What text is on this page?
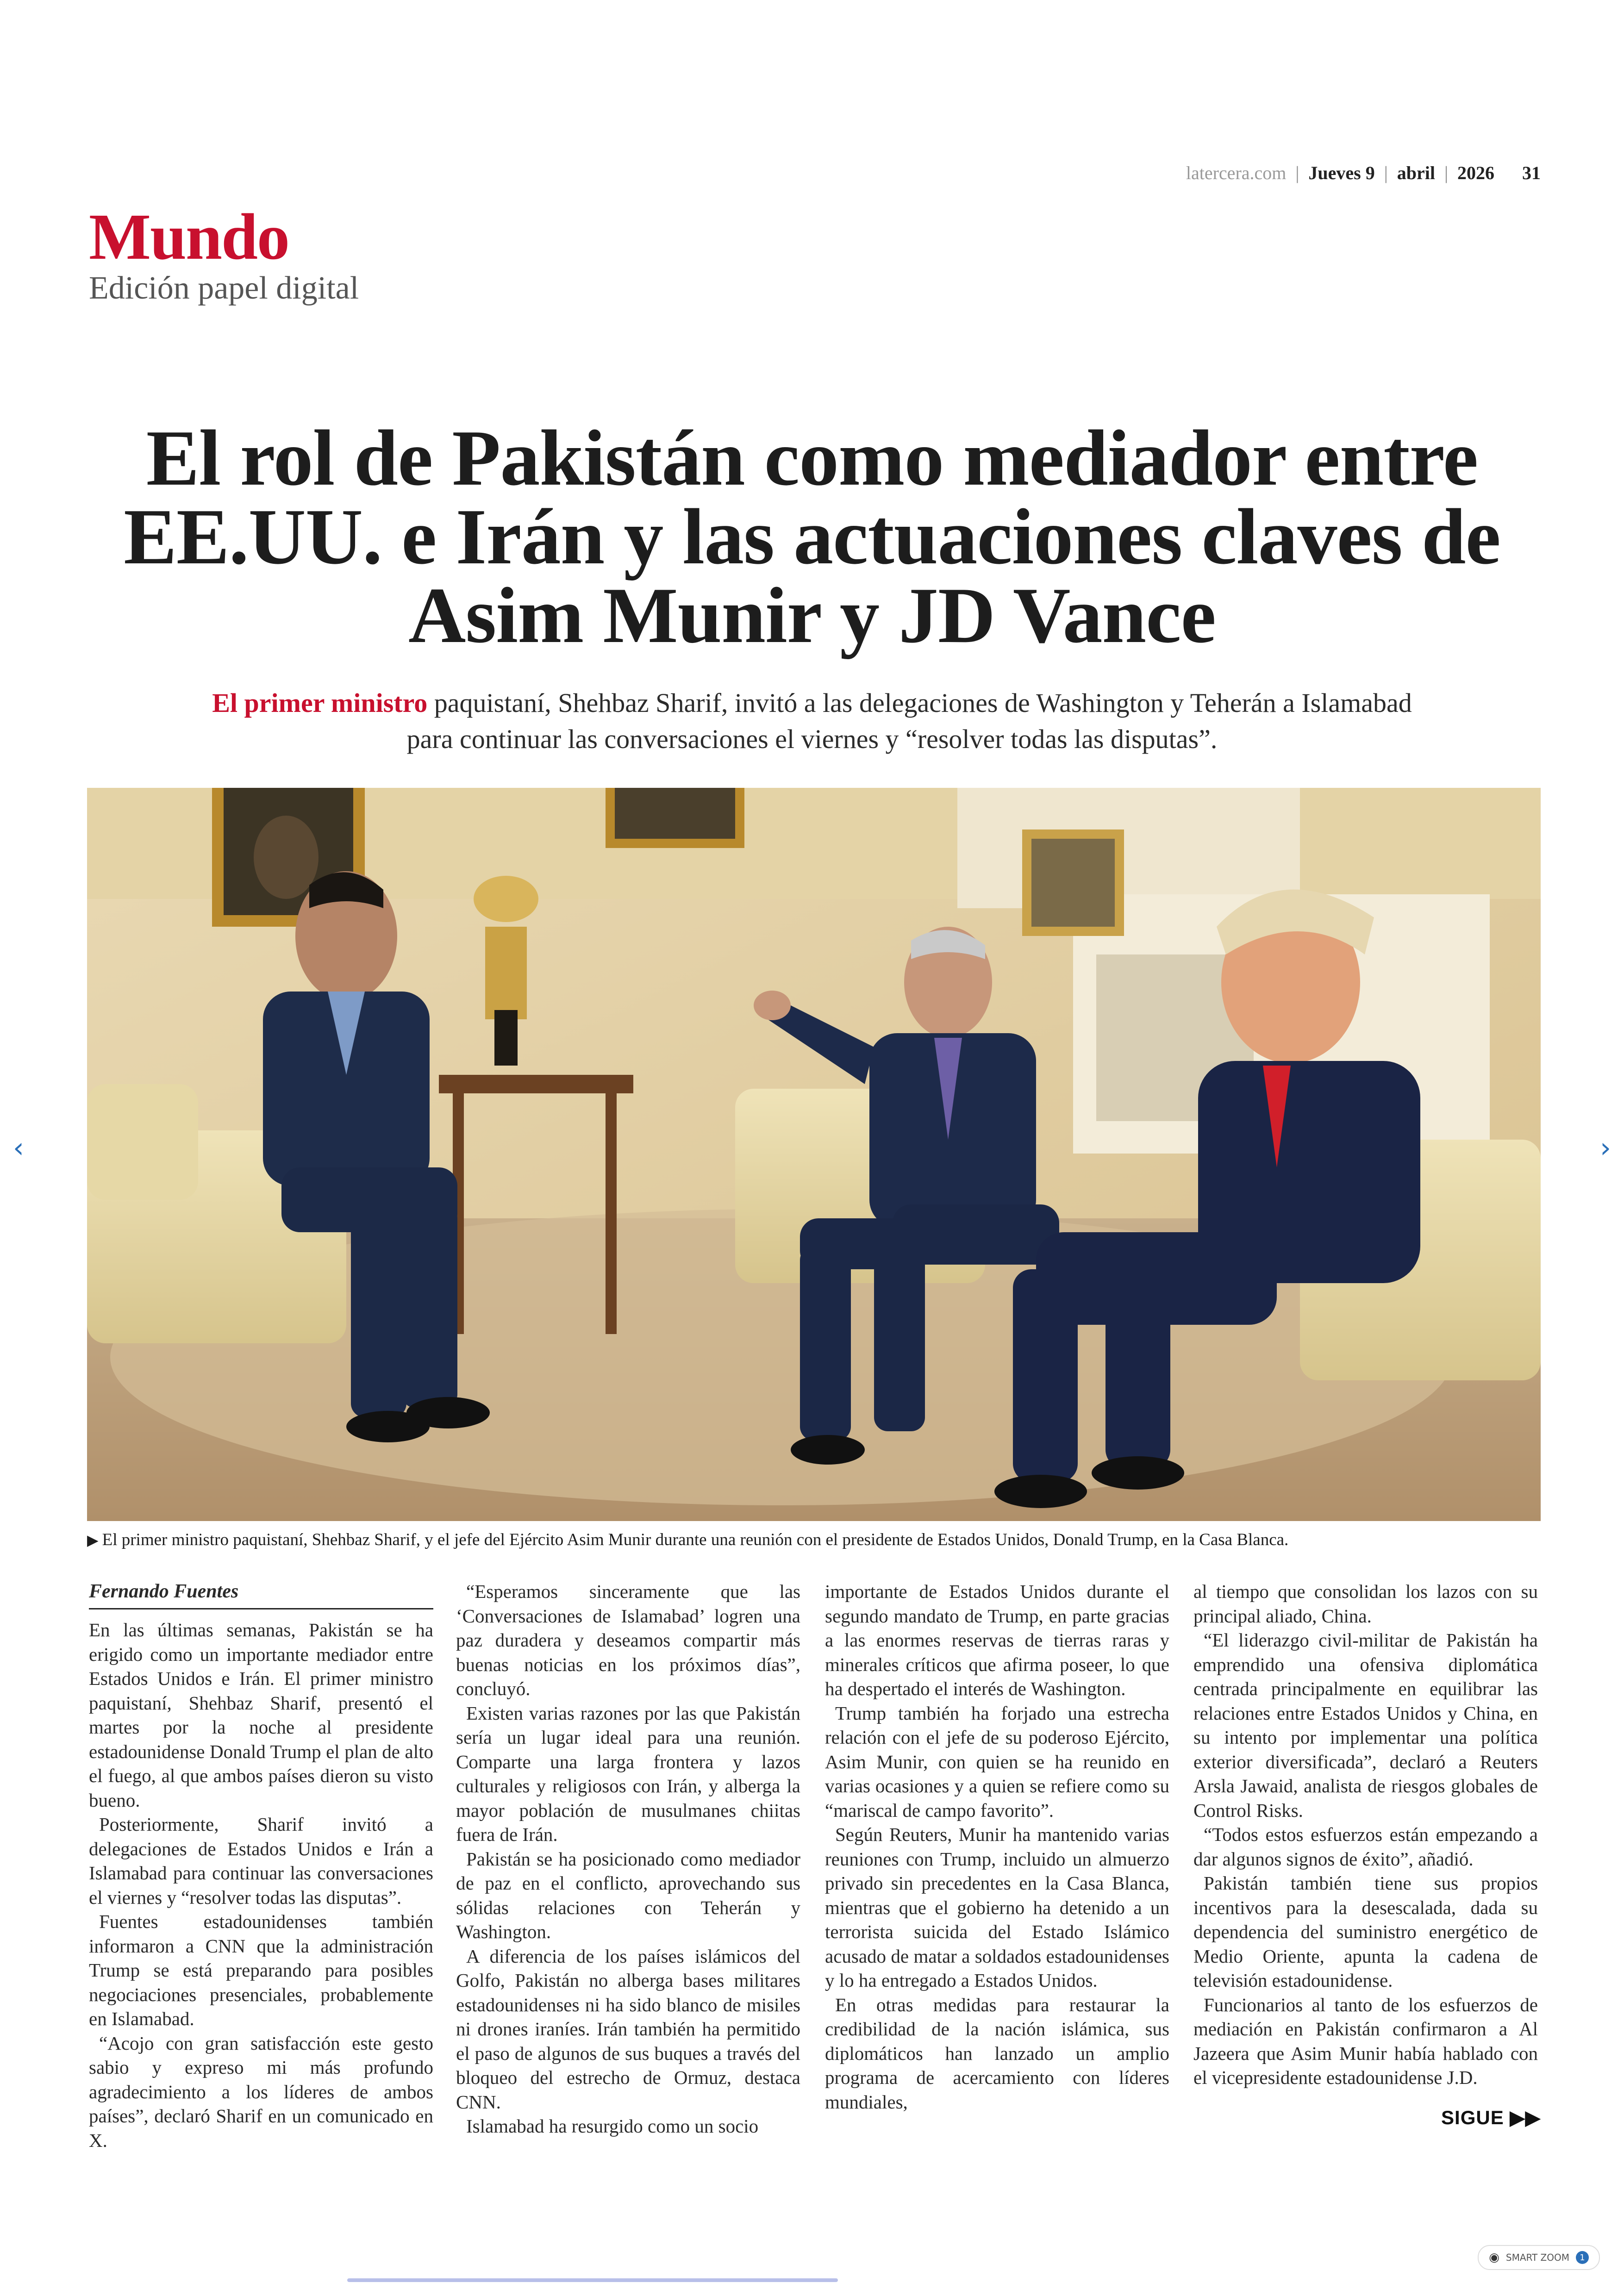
latercera.com | Jueves 9 | abril | 2026 31
Mundo
Edición papel digital
El rol de Pakistán como mediador entre EE.UU. e Irán y las actuaciones claves de Asim Munir y JD Vance

El primer ministro paquistaní, Shehbaz Sharif, invitó a las delegaciones de Washington y Teherán a Islamabad para continuar las conversaciones el viernes y “resolver todas las disputas”.

▶ El primer ministro paquistaní, Shehbaz Sharif, y el jefe del Ejército Asim Munir durante una reunión con el presidente de Estados Unidos, Donald Trump, en la Casa Blanca.

‹	›
Fernando Fuentes

En las últimas semanas, Pakistán se ha erigido como un importante mediador entre Estados Unidos e Irán. El primer ministro paquistaní, Shehbaz Sharif, presentó el martes por la noche al presidente estadounidense Donald Trump el plan de alto el fuego, al que ambos países dieron su visto bueno.

Posteriormente, Sharif invitó a delegaciones de Estados Unidos e Irán a Islamabad para continuar las conversaciones el viernes y “resolver todas las disputas”.

Fuentes estadounidenses también informaron a CNN que la administración Trump se está preparando para posibles negociaciones presenciales, probablemente en Islamabad.

“Acojo con gran satisfacción este gesto sabio y expreso mi más profundo agradecimiento a los líderes de ambos países”, declaró Sharif en un comunicado en X.

“Esperamos sinceramente que las ‘Conversaciones de Islamabad’ logren una paz duradera y deseamos compartir más buenas noticias en los próximos días”, concluyó.

Existen varias razones por las que Pakistán sería un lugar ideal para una reunión. Comparte una larga frontera y lazos culturales y religiosos con Irán, y alberga la mayor población de musulmanes chiitas fuera de Irán.

Pakistán se ha posicionado como mediador de paz en el conflicto, aprovechando sus sólidas relaciones con Teherán y Washington.

A diferencia de los países islámicos del Golfo, Pakistán no alberga bases militares estadounidenses ni ha sido blanco de misiles ni drones iraníes. Irán también ha permitido el paso de algunos de sus buques a través del bloqueo del estrecho de Ormuz, destaca CNN.

Islamabad ha resurgido como un socio

importante de Estados Unidos durante el segundo mandato de Trump, en parte gracias a las enormes reservas de tierras raras y minerales críticos que afirma poseer, lo que ha despertado el interés de Washington.

Trump también ha forjado una estrecha relación con el jefe de su poderoso Ejército, Asim Munir, con quien se ha reunido en varias ocasiones y a quien se refiere como su “mariscal de campo favorito”.

Según Reuters, Munir ha mantenido varias reuniones con Trump, incluido un almuerzo privado sin precedentes en la Casa Blanca, mientras que el gobierno ha detenido a un terrorista suicida del Estado Islámico acusado de matar a soldados estadounidenses y lo ha entregado a Estados Unidos.

En otras medidas para restaurar la credibilidad de la nación islámica, sus diplomáticos han lanzado un amplio programa de acercamiento con líderes mundiales,

al tiempo que consolidan los lazos con su principal aliado, China.

“El liderazgo civil-militar de Pakistán ha emprendido una ofensiva diplomática centrada principalmente en equilibrar las relaciones entre Estados Unidos y China, en su intento por implementar una política exterior diversificada”, declaró a Reuters Arsla Jawaid, analista de riesgos globales de Control Risks.

“Todos estos esfuerzos están empezando a dar algunos signos de éxito”, añadió.

Pakistán también tiene sus propios incentivos para la desescalada, dada su dependencia del suministro energético de Medio Oriente, apunta la cadena de televisión estadounidense.

Funcionarios al tanto de los esfuerzos de mediación en Pakistán confirmaron a Al Jazeera que Asim Munir había hablado con el vicepresidente estadounidense J.D.

SIGUE ▶▶
◉ SMART ZOOM	1
